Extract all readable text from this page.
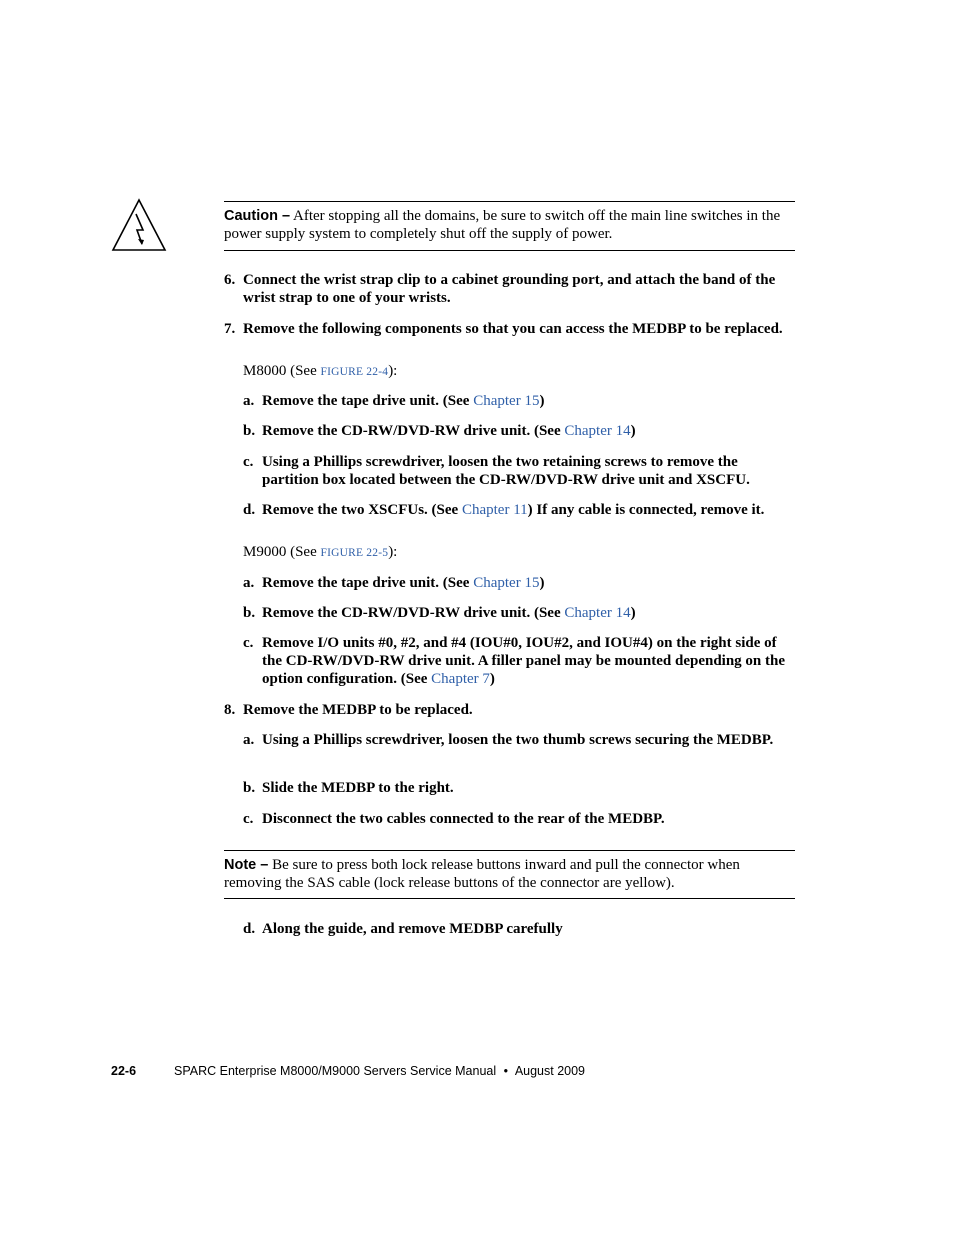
Caution – After stopping all the domains, be sure to switch off the main line switches in the power supply system to completely shut off the supply of power.
6. Connect the wrist strap clip to a cabinet grounding port, and attach the band of the wrist strap to one of your wrists.
7. Remove the following components so that you can access the MEDBP to be replaced.
M8000 (See FIGURE 22-4):
a. Remove the tape drive unit. (See Chapter 15)
b. Remove the CD-RW/DVD-RW drive unit. (See Chapter 14)
c. Using a Phillips screwdriver, loosen the two retaining screws to remove the partition box located between the CD-RW/DVD-RW drive unit and XSCFU.
d. Remove the two XSCFUs. (See Chapter 11) If any cable is connected, remove it.
M9000 (See FIGURE 22-5):
a. Remove the tape drive unit. (See Chapter 15)
b. Remove the CD-RW/DVD-RW drive unit. (See Chapter 14)
c. Remove I/O units #0, #2, and #4 (IOU#0, IOU#2, and IOU#4) on the right side of the CD-RW/DVD-RW drive unit. A filler panel may be mounted depending on the option configuration. (See Chapter 7)
8. Remove the MEDBP to be replaced.
a. Using a Phillips screwdriver, loosen the two thumb screws securing the MEDBP.
b. Slide the MEDBP to the right.
c. Disconnect the two cables connected to the rear of the MEDBP.
Note – Be sure to press both lock release buttons inward and pull the connector when removing the SAS cable (lock release buttons of the connector are yellow).
d. Along the guide, and remove MEDBP carefully
22-6	SPARC Enterprise M8000/M9000 Servers Service Manual • August 2009
